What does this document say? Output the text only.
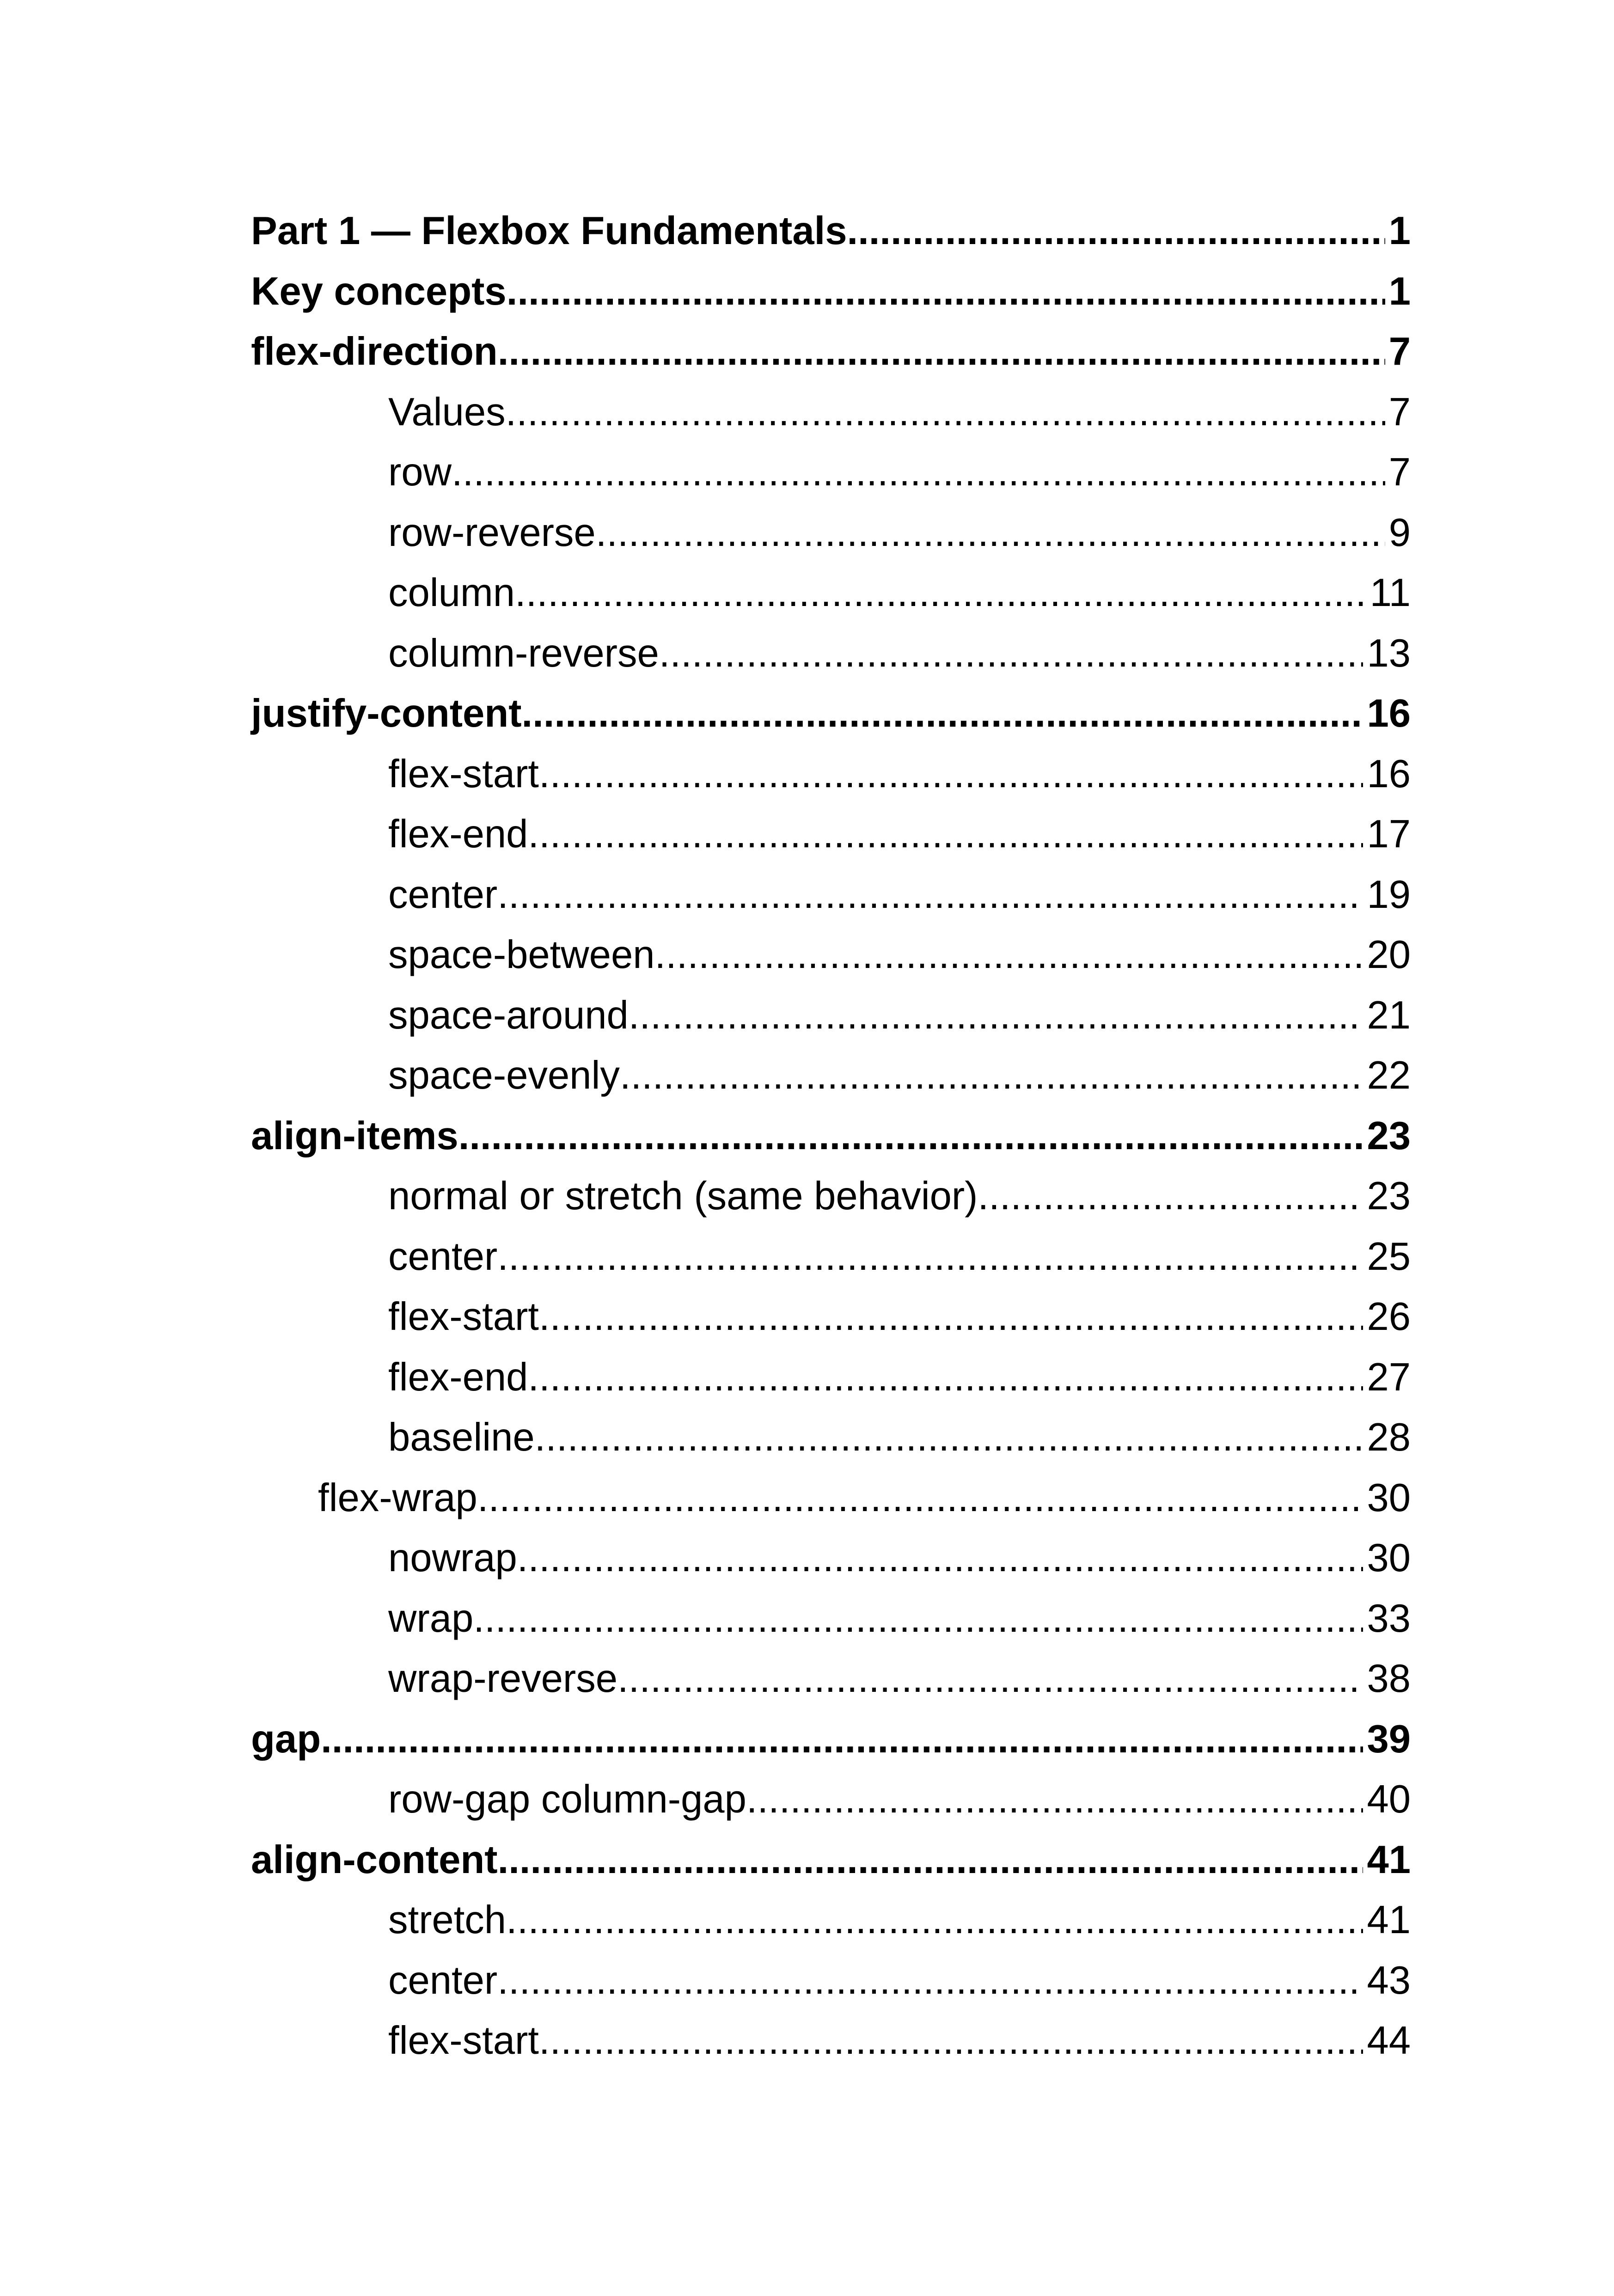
Part 1 — Flexbox Fundamentals .....	1
Key concepts .....	1
flex-direction .....	7
Values .....	7
row .....	7
row-reverse .....	9
column .....	11
column-reverse .....	13
justify-content .....	16
flex-start .....	16
flex-end .....	17
center .....	19
space-between .....	20
space-around .....	21
space-evenly .....	22
align-items .....	23
normal or stretch (same behavior) .....	23
center .....	25
flex-start .....	26
flex-end .....	27
baseline .....	28
flex-wrap .....	30
nowrap .....	30
wrap .....	33
wrap-reverse .....	38
gap .....	39
row-gap column-gap .....	40
align-content .....	41
stretch .....	41
center .....	43
flex-start .....	44
